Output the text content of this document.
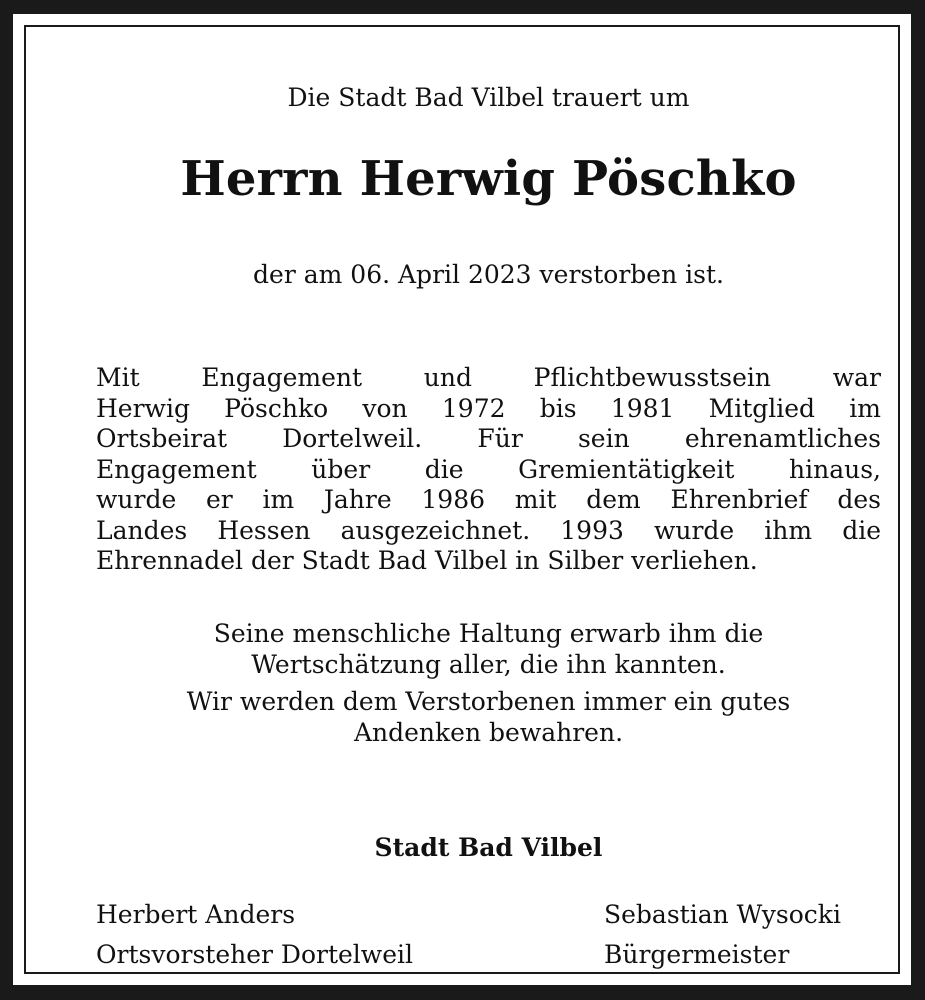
Die Stadt Bad Vilbel trauert um
Herrn Herwig Pöschko
der am 06. April 2023 verstorben ist.
Mit Engagement und Pflichtbewusstsein war
Herwig Pöschko von 1972 bis 1981 Mitglied im
Ortsbeirat Dortelweil. Für sein ehrenamtliches
Engagement über die Gremientätigkeit hinaus,
wurde er im Jahre 1986 mit dem Ehrenbrief des
Landes Hessen ausgezeichnet. 1993 wurde ihm die
Ehrennadel der Stadt Bad Vilbel in Silber verliehen.

Seine menschliche Haltung erwarb ihm die
Wertschätzung aller, die ihn kannten.

Wir werden dem Verstorbenen immer ein gutes
Andenken bewahren.

Stadt Bad Vilbel
Herbert Anders
Ortsvorsteher Dortelweil
Sebastian Wysocki
Bürgermeister
